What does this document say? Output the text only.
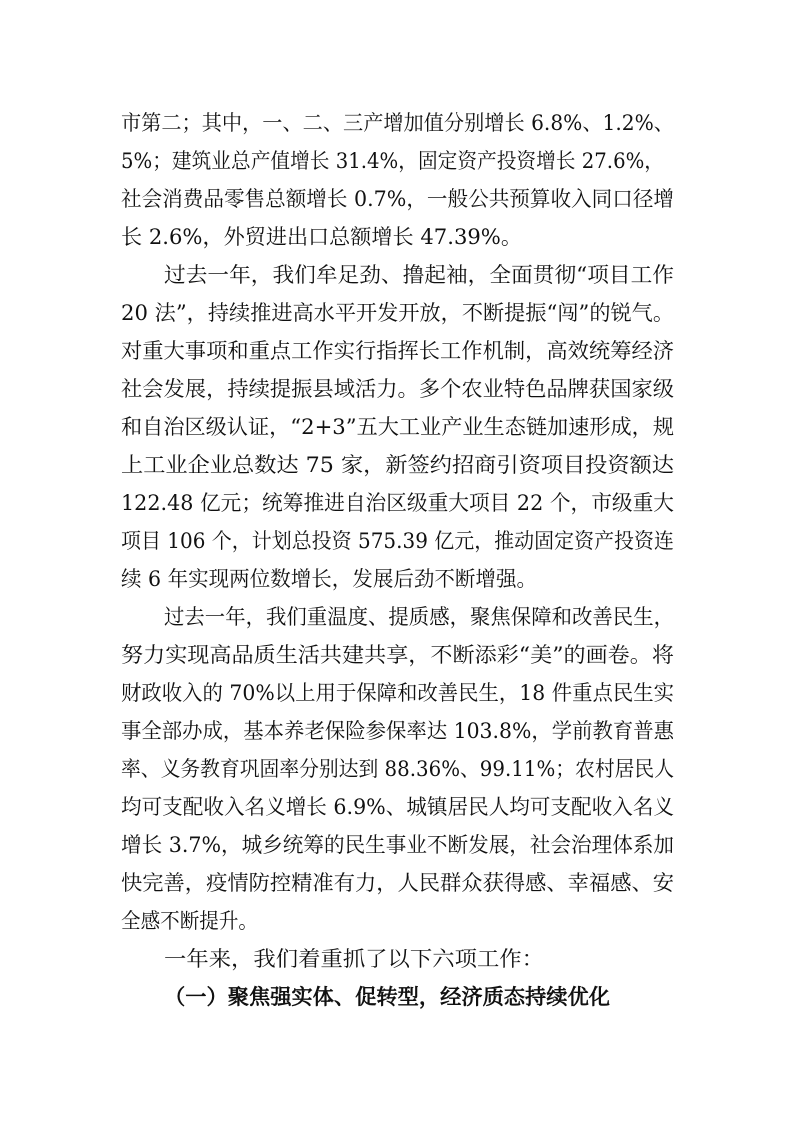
市第二；其中，一、二、三产增加值分别增长 6.8%、1.2%、
5%；建筑业总产值增长 31.4%，固定资产投资增长 27.6%，
社会消费品零售总额增长 0.7%，一般公共预算收入同口径增
长 2.6%，外贸进出口总额增长 47.39%。
过去一年，我们牟足劲、撸起袖，全面贯彻“项目工作
20 法”，持续推进高水平开发开放，不断提振“闯”的锐气。
对重大事项和重点工作实行指挥长工作机制，高效统筹经济
社会发展，持续提振县域活力。多个农业特色品牌获国家级
和自治区级认证，“2+3”五大工业产业生态链加速形成，规
上工业企业总数达 75 家，新签约招商引资项目投资额达
122.48 亿元；统筹推进自治区级重大项目 22 个，市级重大
项目 106 个，计划总投资 575.39 亿元，推动固定资产投资连
续 6 年实现两位数增长，发展后劲不断增强。
过去一年，我们重温度、提质感，聚焦保障和改善民生，
努力实现高品质生活共建共享，不断添彩“美”的画卷。将
财政收入的 70%以上用于保障和改善民生，18 件重点民生实
事全部办成，基本养老保险参保率达 103.8%，学前教育普惠
率、义务教育巩固率分别达到 88.36%、99.11%；农村居民人
均可支配收入名义增长 6.9%、城镇居民人均可支配收入名义
增长 3.7%，城乡统筹的民生事业不断发展，社会治理体系加
快完善，疫情防控精准有力，人民群众获得感、幸福感、安
全感不断提升。
一年来，我们着重抓了以下六项工作：
（一）聚焦强实体、促转型，经济质态持续优化
